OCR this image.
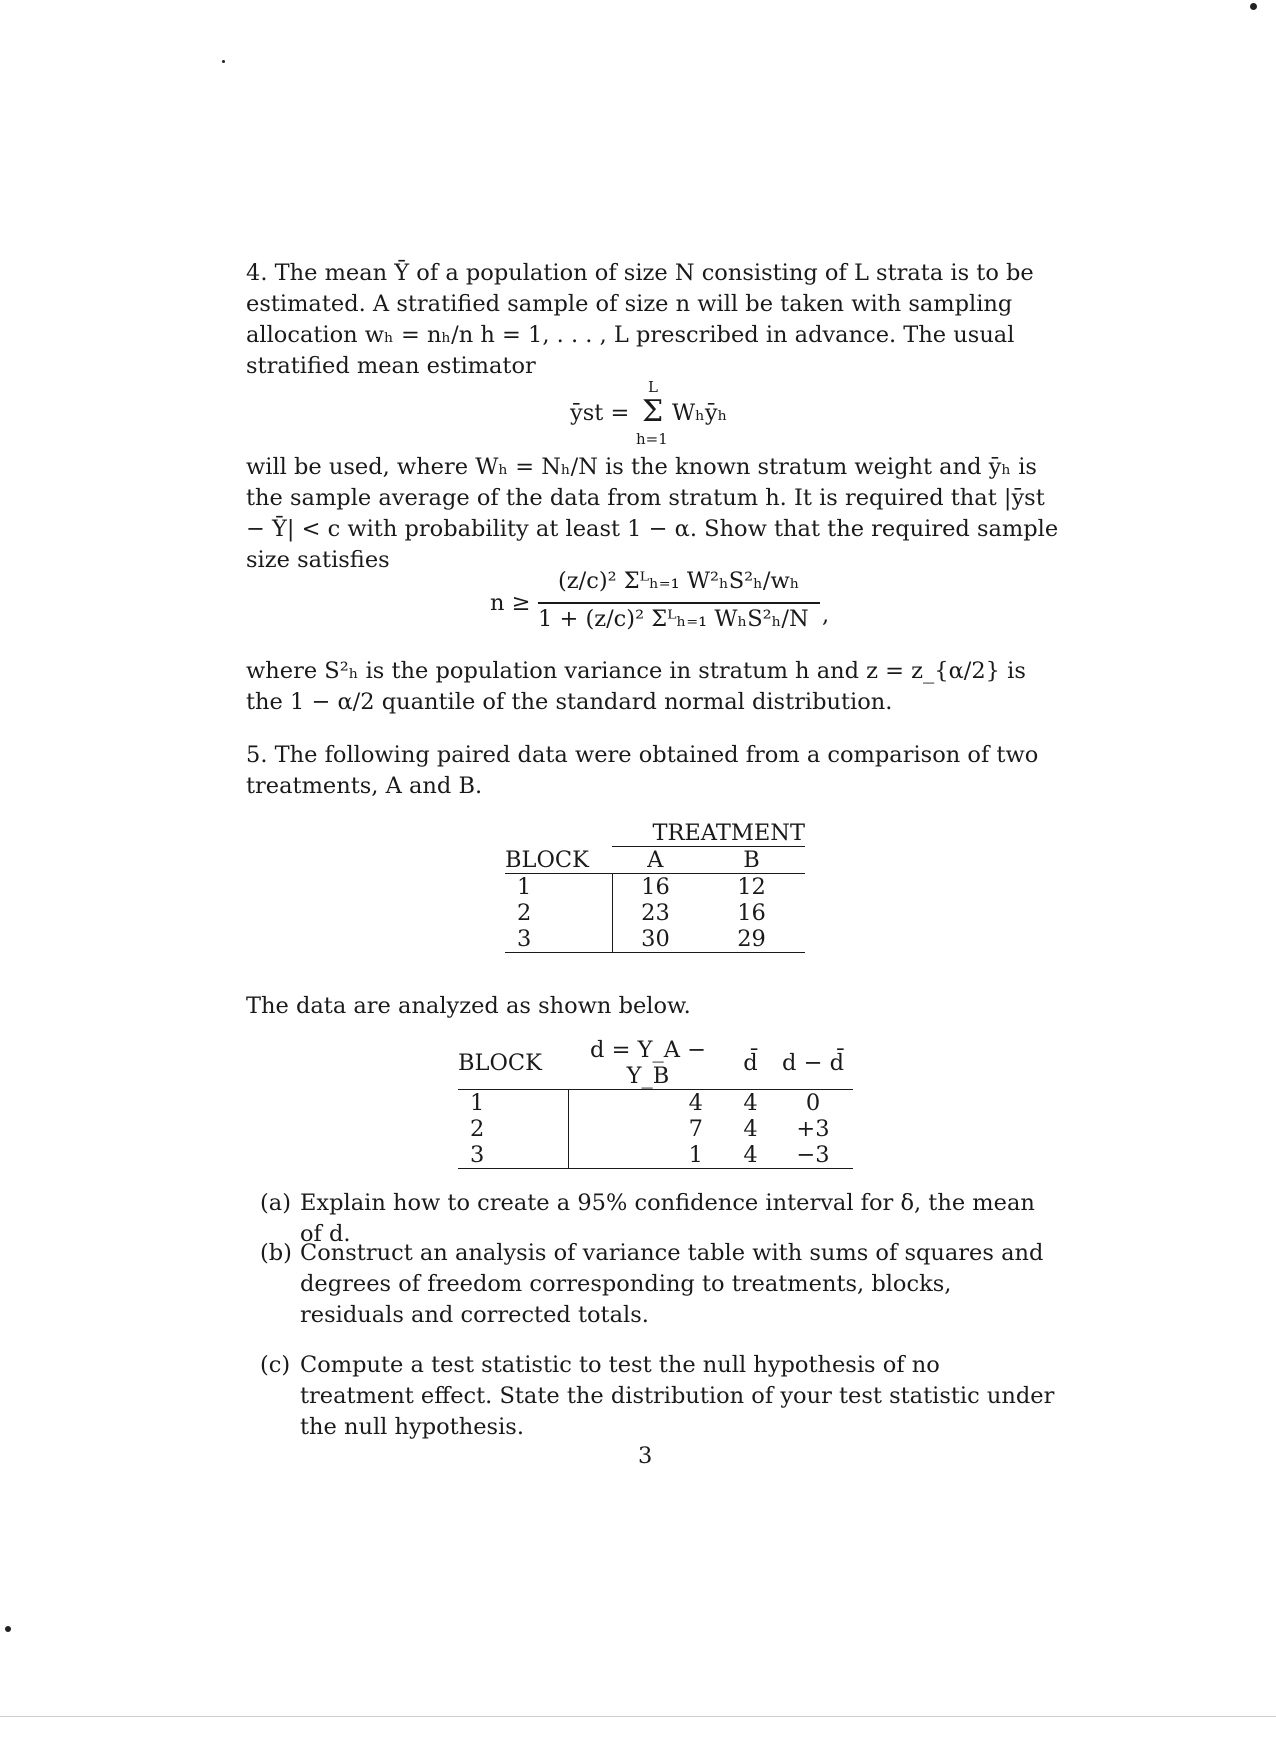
4. The mean Ȳ of a population of size N consisting of L strata is to be estimated. A stratified sample of size n will be taken with sampling allocation wₕ = nₕ/n h = 1, . . . , L prescribed in advance. The usual stratified mean estimator
ȳst =
L
Σ
h=1
Wₕȳₕ
will be used, where Wₕ = Nₕ/N is the known stratum weight and ȳₕ is the sample average of the data from stratum h. It is required that |ȳst − Ȳ| < c with probability at least 1 − α. Show that the required sample size satisfies
n ≥
(z/c)² Σᴸₕ₌₁ W²ₕS²ₕ/wₕ
1 + (z/c)² Σᴸₕ₌₁ WₕS²ₕ/N ,
where S²ₕ is the population variance in stratum h and z = z_{α/2} is the 1 − α/2 quantile of the standard normal distribution.
5. The following paired data were obtained from a comparison of two treatments, A and B.
	TREATMENT	
BLOCK	A	B
1	16	12
2	23	16
3	30	29
The data are analyzed as shown below.
BLOCK	d = Y_A − Y_B	d̄	d − d̄
1	4	4	0
2	7	4	+3
3	1	4	−3
(a) Explain how to create a 95% confidence interval for δ, the mean of d.
(b) Construct an analysis of variance table with sums of squares and degrees of freedom corresponding to treatments, blocks, residuals and corrected totals.
(c) Compute a test statistic to test the null hypothesis of no treatment effect. State the distribution of your test statistic under the null hypothesis.
3
